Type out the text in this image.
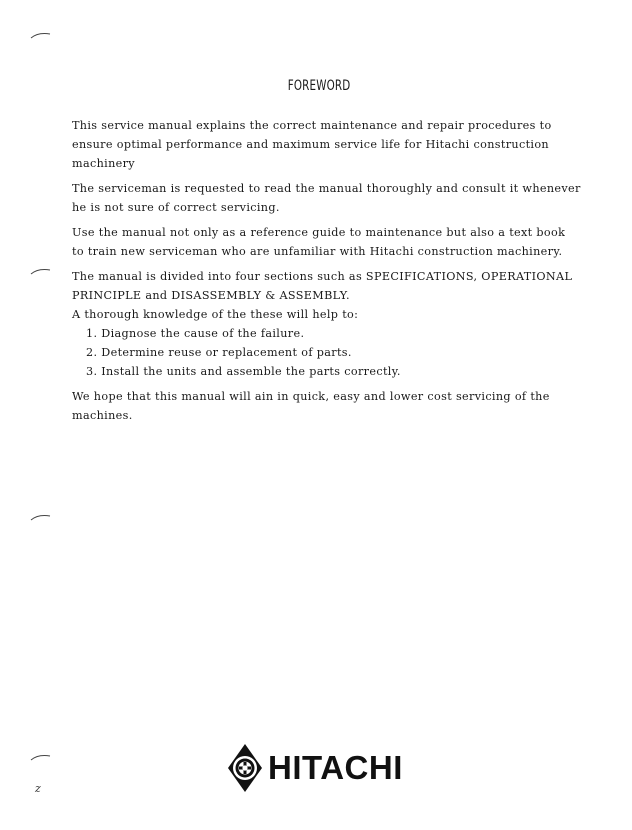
FOREWORD

This service manual explains the correct maintenance and repair procedures to
ensure optimal performance and maximum service life for Hitachi construction
machinery

The serviceman is requested to read the manual thoroughly and consult it whenever
he is not sure of correct servicing.

Use the manual not only as a reference guide to maintenance but also a text book
to train new serviceman who are unfamiliar with Hitachi construction machinery.

The manual is divided into four sections such as SPECIFICATIONS, OPERATIONAL
PRINCIPLE and DISASSEMBLY & ASSEMBLY.

A thorough knowledge of the these will help to:

1. Diagnose the cause of the failure.
2. Determine reuse or replacement of parts.
3. Install the units and assemble the parts correctly.

We hope that this manual will ain in quick, easy and lower cost servicing of the
machines.

HITACHI
z
